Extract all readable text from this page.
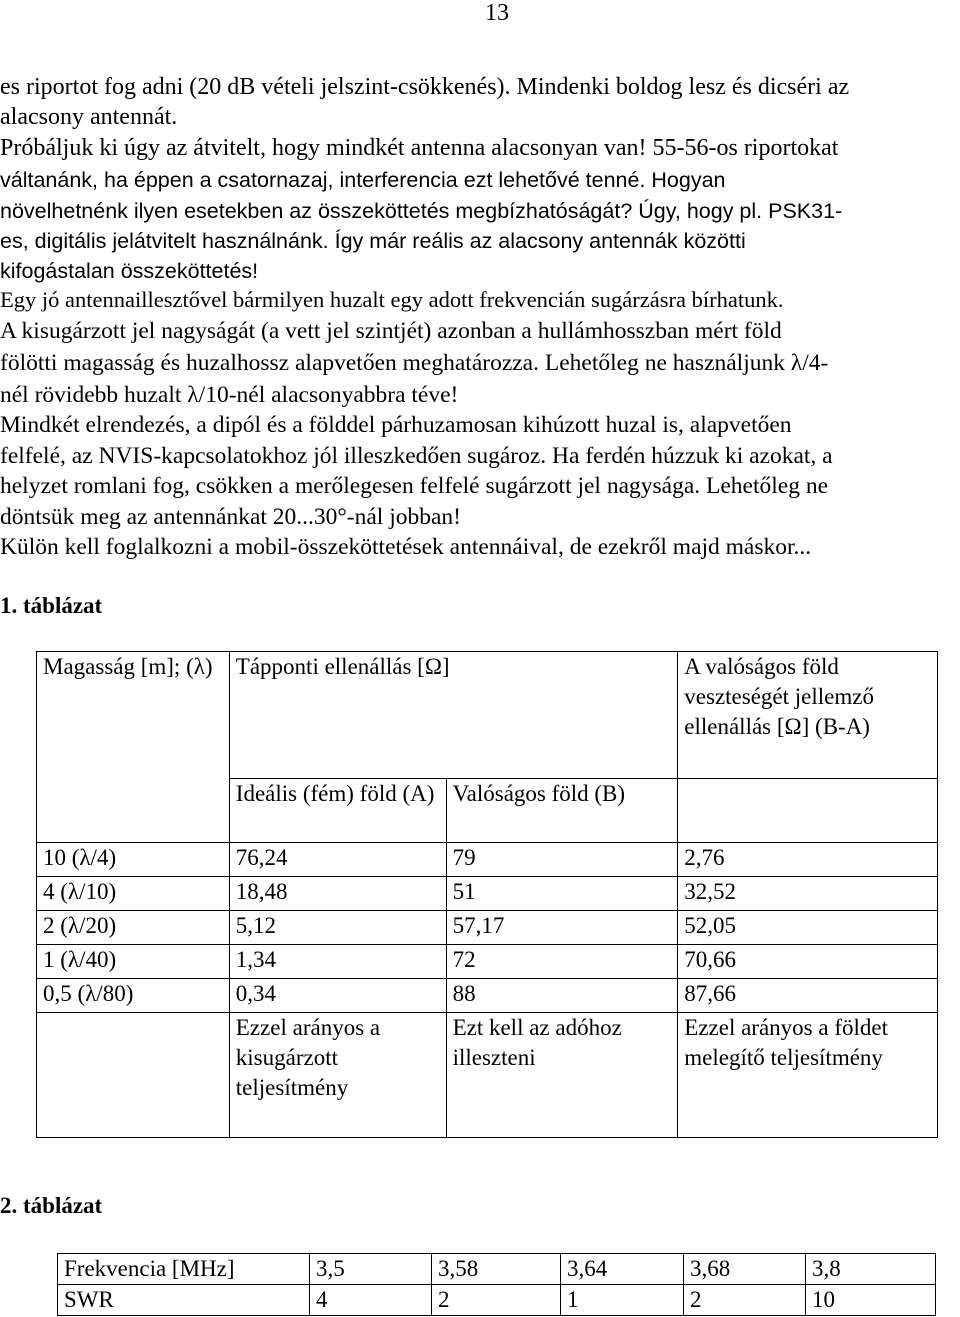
13

es riportot fog adni (20 dB vételi jelszint-csökkenés). Mindenki boldog lesz és dicséri az

alacsony antennát.

Próbáljuk ki úgy az átvitelt, hogy mindkét antenna alacsonyan van! 55-56-os riportokat

váltanánk, ha éppen a csatornazaj, interferencia ezt lehetővé tenné. Hogyan

növelhetnénk ilyen esetekben az összeköttetés megbízhatóságát? Úgy, hogy pl. PSK31-

es, digitális jelátvitelt használnánk. Így már reális az alacsony antennák közötti

kifogástalan összeköttetés!

Egy jó antennaillesztővel bármilyen huzalt egy adott frekvencián sugárzásra bírhatunk.

A kisugárzott jel nagyságát (a vett jel szintjét) azonban a hullámhosszban mért föld

fölötti magasság és huzalhossz alapvetően meghatározza. Lehetőleg ne használjunk λ/4-

nél rövidebb huzalt λ/10-nél alacsonyabbra téve!

Mindkét elrendezés, a dipól és a földdel párhuzamosan kihúzott huzal is, alapvetően

felfelé, az NVIS-kapcsolatokhoz jól illeszkedően sugároz. Ha ferdén húzzuk ki azokat, a

helyzet romlani fog, csökken a merőlegesen felfelé sugárzott jel nagysága. Lehetőleg ne

döntsük meg az antennánkat 20...30°-nál jobban!

Külön kell foglalkozni a mobil-összeköttetések antennáival, de ezekről majd máskor...

1. táblázat
Magasság [m]; (λ)	Tápponti ellenállás [Ω]		A valóságos föld veszteségét jellemző ellenállás [Ω] (B-A)
	Ideális (fém) föld (A)	Valóságos föld (B)	
10 (λ/4)	76,24	79	2,76
4 (λ/10)	18,48	51	32,52
2 (λ/20)	5,12	57,17	52,05
1 (λ/40)	1,34	72	70,66
0,5 (λ/80)	0,34	88	87,66
	Ezzel arányos a kisugárzott teljesítmény	Ezt kell az adóhoz illeszteni	Ezzel arányos a földet melegítő teljesítmény
2. táblázat
Frekvencia [MHz]	3,5	3,58	3,64	3,68	3,8
SWR	4	2	1	2	10
